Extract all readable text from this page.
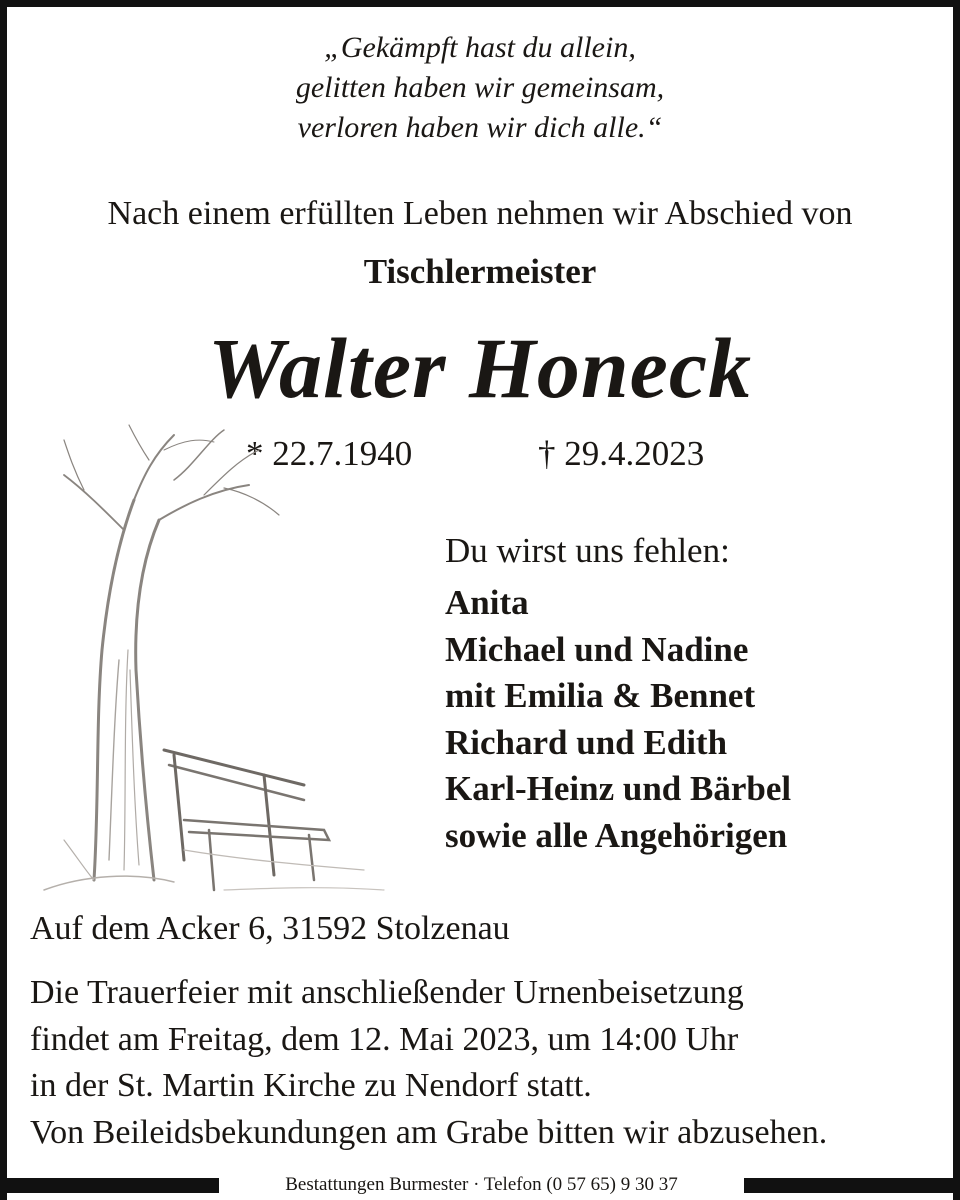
„Gekämpft hast du allein,
gelitten haben wir gemeinsam,
verloren haben wir dich alle.“
Nach einem erfüllten Leben nehmen wir Abschied von
Tischlermeister
Walter Honeck
* 22.7.1940	† 29.4.2023
Du wirst uns fehlen:
Anita
Michael und Nadine
mit Emilia & Bennet
Richard und Edith
Karl-Heinz und Bärbel
sowie alle Angehörigen
Auf dem Acker 6, 31592 Stolzenau
Die Trauerfeier mit anschließender Urnenbeisetzung
findet am Freitag, dem 12. Mai 2023, um 14:00 Uhr
in der St. Martin Kirche zu Nendorf statt.
Von Beileidsbekundungen am Grabe bitten wir abzusehen.
Bestattungen Burmester · Telefon (0 57 65) 9 30 37
